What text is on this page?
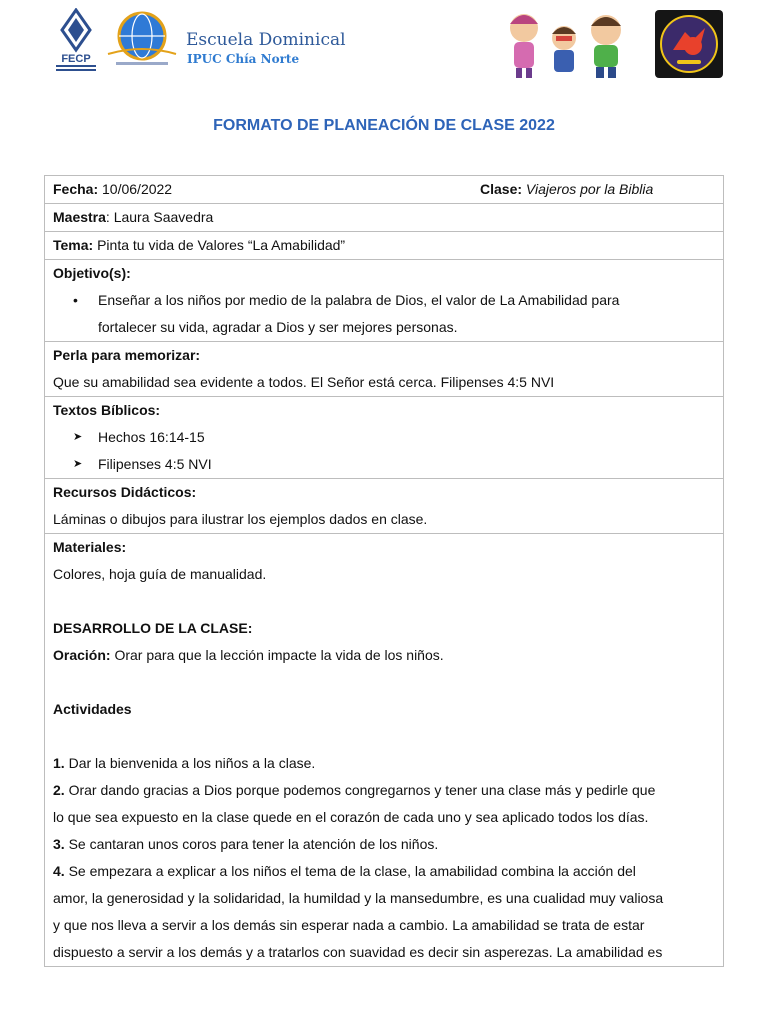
FECP
Escuela Dominical
IPUC Chía Norte
FORMATO DE PLANEACIÓN DE CLASE 2022
Fecha: 10/06/2022	Clase: Viajeros por la Biblia
Maestra: Laura Saavedra
Tema: Pinta tu vida de Valores “La Amabilidad”
Objetivo(s):
•	Enseñar a los niños por medio de la palabra de Dios, el valor de La Amabilidad para
fortalecer su vida, agradar a Dios y ser mejores personas.
Perla para memorizar:
Que su amabilidad sea evidente a todos. El Señor está cerca. Filipenses 4:5 NVI
Textos Bíblicos:
➤	Hechos 16:14-15
➤	Filipenses 4:5 NVI
Recursos Didácticos:
Láminas o dibujos para ilustrar los ejemplos dados en clase.
Materiales:
Colores, hoja guía de manualidad.
DESARROLLO DE LA CLASE:
Oración: Orar para que la lección impacte la vida de los niños.
Actividades
1. Dar la bienvenida a los niños a la clase.
2. Orar dando gracias a Dios porque podemos congregarnos y tener una clase más y pedirle que
lo que sea expuesto en la clase quede en el corazón de cada uno y sea aplicado todos los días.
3. Se cantaran unos coros para tener la atención de los niños.
4. Se empezara a explicar a los niños el tema de la clase, la amabilidad combina la acción del
amor, la generosidad y la solidaridad, la humildad y la mansedumbre, es una cualidad muy valiosa
y que nos lleva a servir a los demás sin esperar nada a cambio. La amabilidad se trata de estar
dispuesto a servir a los demás y a tratarlos con suavidad es decir sin asperezas. La amabilidad es
